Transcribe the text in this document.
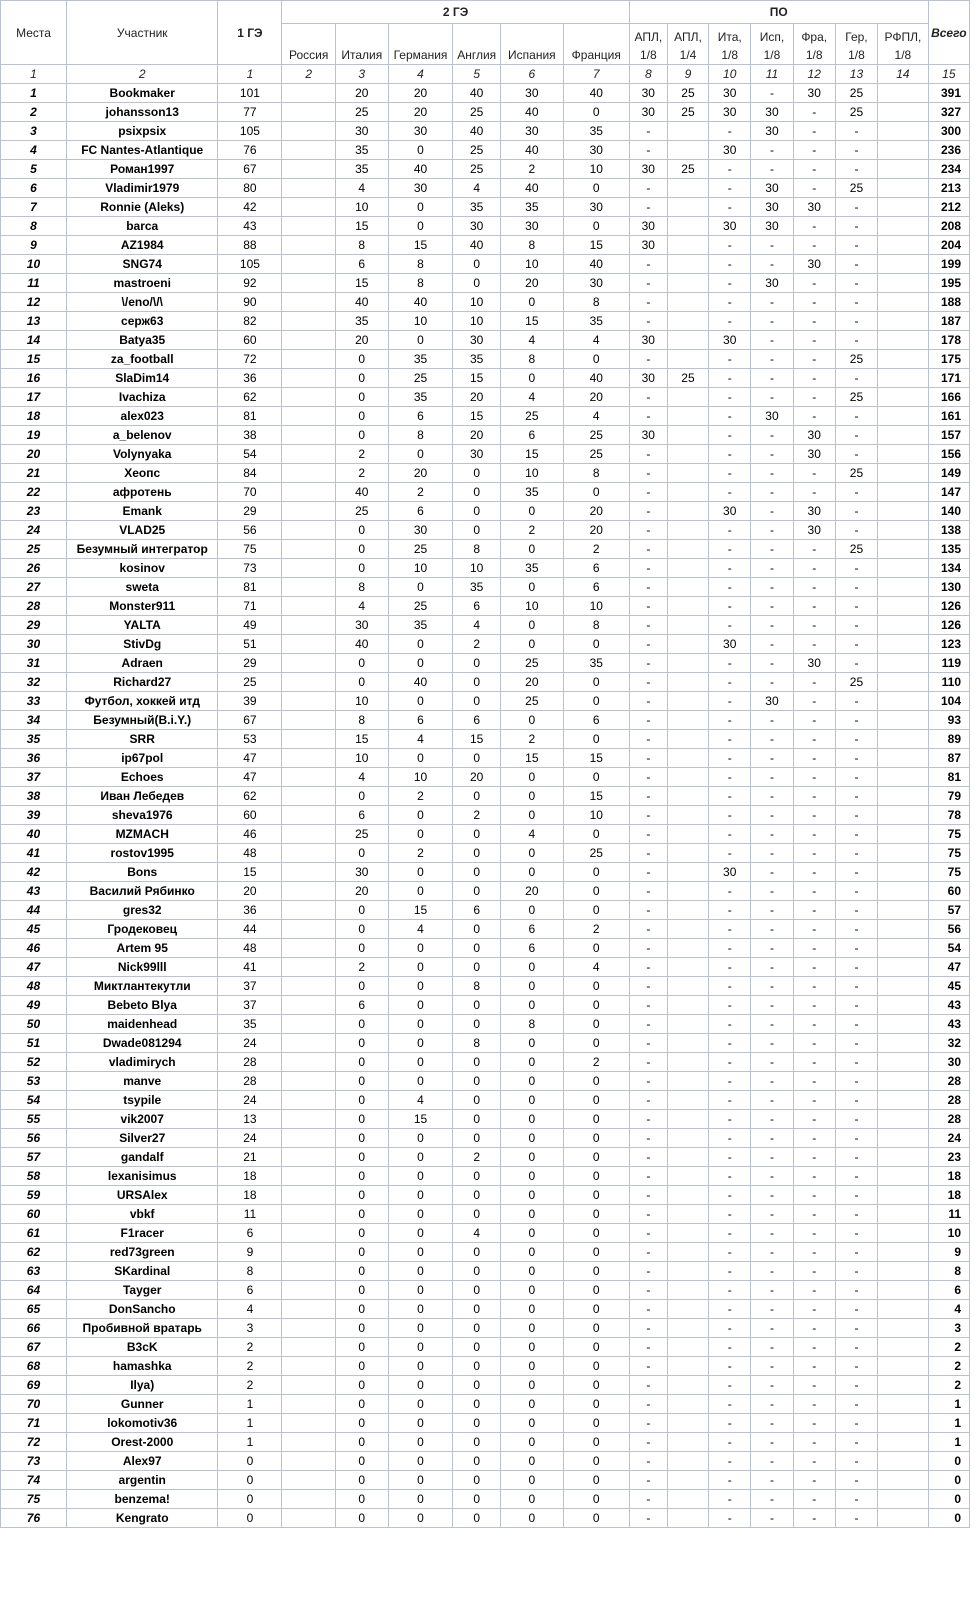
Места	Участник	1 ГЭ	2 ГЭ						ПО							Всего
			Россия	Италия	Германия	Англия	Испания	Франция	АПЛ, 1/8	АПЛ, 1/4	Ита, 1/8	Исп, 1/8	Фра, 1/8	Гер, 1/8	РФПЛ, 1/8	
1	2	1	2	3	4	5	6	7	8	9	10	11	12	13	14	15
1	Bookmaker	101		20	20	40	30	40	30	25	30	-	30	25		391
2	johansson13	77		25	20	25	40	0	30	25	30	30	-	25		327
3	psixpsix	105		30	30	40	30	35	-		-	30	-	-		300
4	FC Nantes-Atlantique	76		35	0	25	40	30	-		30	-	-	-		236
5	Роман1997	67		35	40	25	2	10	30	25	-	-	-	-		234
6	Vladimir1979	80		4	30	4	40	0	-		-	30	-	25		213
7	Ronnie (Aleks)	42		10	0	35	35	30	-		-	30	30	-		212
8	barca	43		15	0	30	30	0	30		30	30	-	-		208
9	AZ1984	88		8	15	40	8	15	30		-	-	-	-		204
10	SNG74	105		6	8	0	10	40	-		-	-	30	-		199
11	mastroeni	92		15	8	0	20	30	-		-	30	-	-		195
12	\/eno/\/\	90		40	40	10	0	8	-		-	-	-	-		188
13	серж63	82		35	10	10	15	35	-		-	-	-	-		187
14	Batya35	60		20	0	30	4	4	30		30	-	-	-		178
15	za_football	72		0	35	35	8	0	-		-	-	-	25		175
16	SlaDim14	36		0	25	15	0	40	30	25	-	-	-	-		171
17	Ivachiza	62		0	35	20	4	20	-		-	-	-	25		166
18	alex023	81		0	6	15	25	4	-		-	30	-	-		161
19	a_belenov	38		0	8	20	6	25	30		-	-	30	-		157
20	Volynyaka	54		2	0	30	15	25	-		-	-	30	-		156
21	Хеопс	84		2	20	0	10	8	-		-	-	-	25		149
22	афротень	70		40	2	0	35	0	-		-	-	-	-		147
23	Emank	29		25	6	0	0	20	-		30	-	30	-		140
24	VLAD25	56		0	30	0	2	20	-		-	-	30	-		138
25	Безумный интегратор	75		0	25	8	0	2	-		-	-	-	25		135
26	kosinov	73		0	10	10	35	6	-		-	-	-	-		134
27	sweta	81		8	0	35	0	6	-		-	-	-	-		130
28	Monster911	71		4	25	6	10	10	-		-	-	-	-		126
29	YALTA	49		30	35	4	0	8	-		-	-	-	-		126
30	StivDg	51		40	0	2	0	0	-		30	-	-	-		123
31	Adraen	29		0	0	0	25	35	-		-	-	30	-		119
32	Richard27	25		0	40	0	20	0	-		-	-	-	25		110
33	Футбол, хоккей итд	39		10	0	0	25	0	-		-	30	-	-		104
34	Безумный(B.i.Y.)	67		8	6	6	0	6	-		-	-	-	-		93
35	SRR	53		15	4	15	2	0	-		-	-	-	-		89
36	ip67pol	47		10	0	0	15	15	-		-	-	-	-		87
37	Echoes	47		4	10	20	0	0	-		-	-	-	-		81
38	Иван Лебедев	62		0	2	0	0	15	-		-	-	-	-		79
39	sheva1976	60		6	0	2	0	10	-		-	-	-	-		78
40	MZMACH	46		25	0	0	4	0	-		-	-	-	-		75
41	rostov1995	48		0	2	0	0	25	-		-	-	-	-		75
42	Bons	15		30	0	0	0	0	-		30	-	-	-		75
43	Василий Рябинко	20		20	0	0	20	0	-		-	-	-	-		60
44	gres32	36		0	15	6	0	0	-		-	-	-	-		57
45	Гродековец	44		0	4	0	6	2	-		-	-	-	-		56
46	Artem 95	48		0	0	0	6	0	-		-	-	-	-		54
47	Nick99lll	41		2	0	0	0	4	-		-	-	-	-		47
48	Миктлантекутли	37		0	0	8	0	0	-		-	-	-	-		45
49	Bebeto Blya	37		6	0	0	0	0	-		-	-	-	-		43
50	maidenhead	35		0	0	0	8	0	-		-	-	-	-		43
51	Dwade081294	24		0	0	8	0	0	-		-	-	-	-		32
52	vladimirych	28		0	0	0	0	2	-		-	-	-	-		30
53	manve	28		0	0	0	0	0	-		-	-	-	-		28
54	tsypile	24		0	4	0	0	0	-		-	-	-	-		28
55	vik2007	13		0	15	0	0	0	-		-	-	-	-		28
56	Silver27	24		0	0	0	0	0	-		-	-	-	-		24
57	gandalf	21		0	0	2	0	0	-		-	-	-	-		23
58	lexanisimus	18		0	0	0	0	0	-		-	-	-	-		18
59	URSAlex	18		0	0	0	0	0	-		-	-	-	-		18
60	vbkf	11		0	0	0	0	0	-		-	-	-	-		11
61	F1racer	6		0	0	4	0	0	-		-	-	-	-		10
62	red73green	9		0	0	0	0	0	-		-	-	-	-		9
63	SKardinal	8		0	0	0	0	0	-		-	-	-	-		8
64	Tayger	6		0	0	0	0	0	-		-	-	-	-		6
65	DonSancho	4		0	0	0	0	0	-		-	-	-	-		4
66	Пробивной вратарь	3		0	0	0	0	0	-		-	-	-	-		3
67	B3cK	2		0	0	0	0	0	-		-	-	-	-		2
68	hamashka	2		0	0	0	0	0	-		-	-	-	-		2
69	Ilya)	2		0	0	0	0	0	-		-	-	-	-		2
70	Gunner	1		0	0	0	0	0	-		-	-	-	-		1
71	lokomotiv36	1		0	0	0	0	0	-		-	-	-	-		1
72	Orest-2000	1		0	0	0	0	0	-		-	-	-	-		1
73	Alex97	0		0	0	0	0	0	-		-	-	-	-		0
74	argentin	0		0	0	0	0	0	-		-	-	-	-		0
75	benzema!	0		0	0	0	0	0	-		-	-	-	-		0
76	Kengrato	0		0	0	0	0	0	-		-	-	-	-		0
